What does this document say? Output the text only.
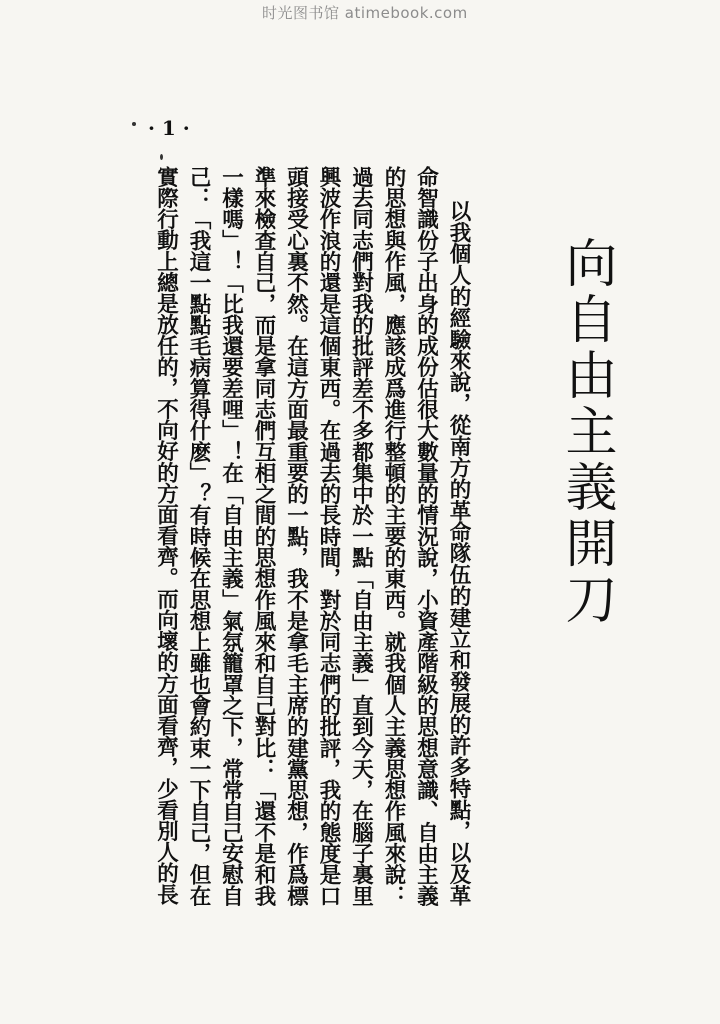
时光图书馆 atimebook.com
· 1 ·
向自由主義開刀

以我個人的經驗來說，從南方的革命隊伍的建立和發展的許多特點，以及革命智識份子出身的成份估很大數量的情況說，小資產階級的思想意識、自由主義的思想與作風，應該成爲進行整頓的主要的東西。就我個人主義思想作風來說：過去同志們對我的批評差不多都集中於一點「自由主義」直到今天，在腦子裏里興波作浪的還是這個東西。在過去的長時間，對於同志們的批評，我的態度是口頭接受心裏不然。在這方面最重要的一點，我不是拿毛主席的建黨思想，作爲標準來檢查自己，而是拿同志們互相之間的思想作風來和自己對比：「還不是和我一樣嗎」！「比我還要差哩」！在「自由主義」氣氛籠罩之下，常常自己安慰自己：「我這一點點毛病算得什麽」？有時候在思想上雖也會約束一下自己，但在實際行動上總是放任的，不向好的方面看齊。而向壞的方面看齊，少看別人的長
